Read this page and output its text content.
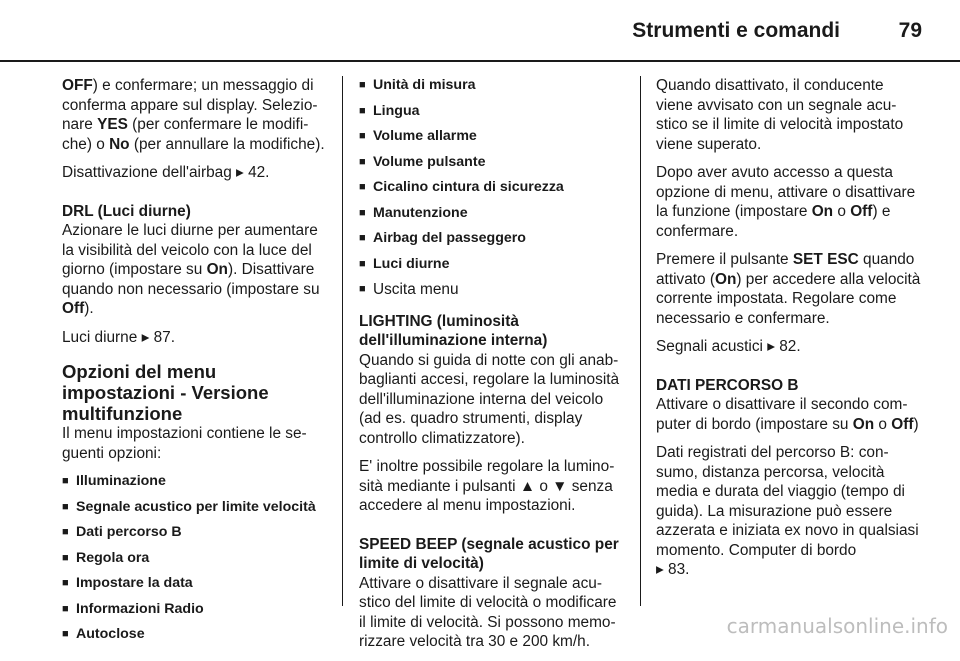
Strumenti e comandi	79

OFF) e confermare; un messaggio di conferma appare sul display. Selezionare YES (per confermare le modifiche) o No (per annullare la modifiche).

Disattivazione dell'airbag ▸ 42.

DRL (Luci diurne)

Azionare le luci diurne per aumentare la visibilità del veicolo con la luce del giorno (impostare su On). Disattivare quando non necessario (impostare su Off).

Luci diurne ▸ 87.

Opzioni del menu impostazioni - Versione multifunzione

Il menu impostazioni contiene le seguenti opzioni:

■ Illuminazione
■ Segnale acustico per limite velocità
■ Dati percorso B
■ Regola ora
■ Impostare la data
■ Informazioni Radio
■ Autoclose
■ Unità di misura
■ Lingua
■ Volume allarme
■ Volume pulsante
■ Cicalino cintura di sicurezza
■ Manutenzione
■ Airbag del passeggero
■ Luci diurne
■ Uscita menu

LIGHTING (luminosità dell'illuminazione interna)

Quando si guida di notte con gli anabbaglianti accesi, regolare la luminosità dell'illuminazione interna del veicolo (ad es. quadro strumenti, display controllo climatizzatore).

E' inoltre possibile regolare la luminosità mediante i pulsanti ▲ o ▼ senza accedere al menu impostazioni.

SPEED BEEP (segnale acustico per limite di velocità)

Attivare o disattivare il segnale acustico del limite di velocità o modificare il limite di velocità. Si possono memorizzare velocità tra 30 e 200 km/h.

Quando disattivato, il conducente viene avvisato con un segnale acustico se il limite di velocità impostato viene superato.

Dopo aver avuto accesso a questa opzione di menu, attivare o disattivare la funzione (impostare On o Off) e confermare.

Premere il pulsante SET ESC quando attivato (On) per accedere alla velocità corrente impostata. Regolare come necessario e confermare.

Segnali acustici ▸ 82.

DATI PERCORSO B

Attivare o disattivare il secondo computer di bordo (impostare su On o Off)

Dati registrati del percorso B: consumo, distanza percorsa, velocità media e durata del viaggio (tempo di guida). La misurazione può essere azzerata e iniziata ex novo in qualsiasi momento. Computer di bordo
▸ 83.

carmanualsonline.info
